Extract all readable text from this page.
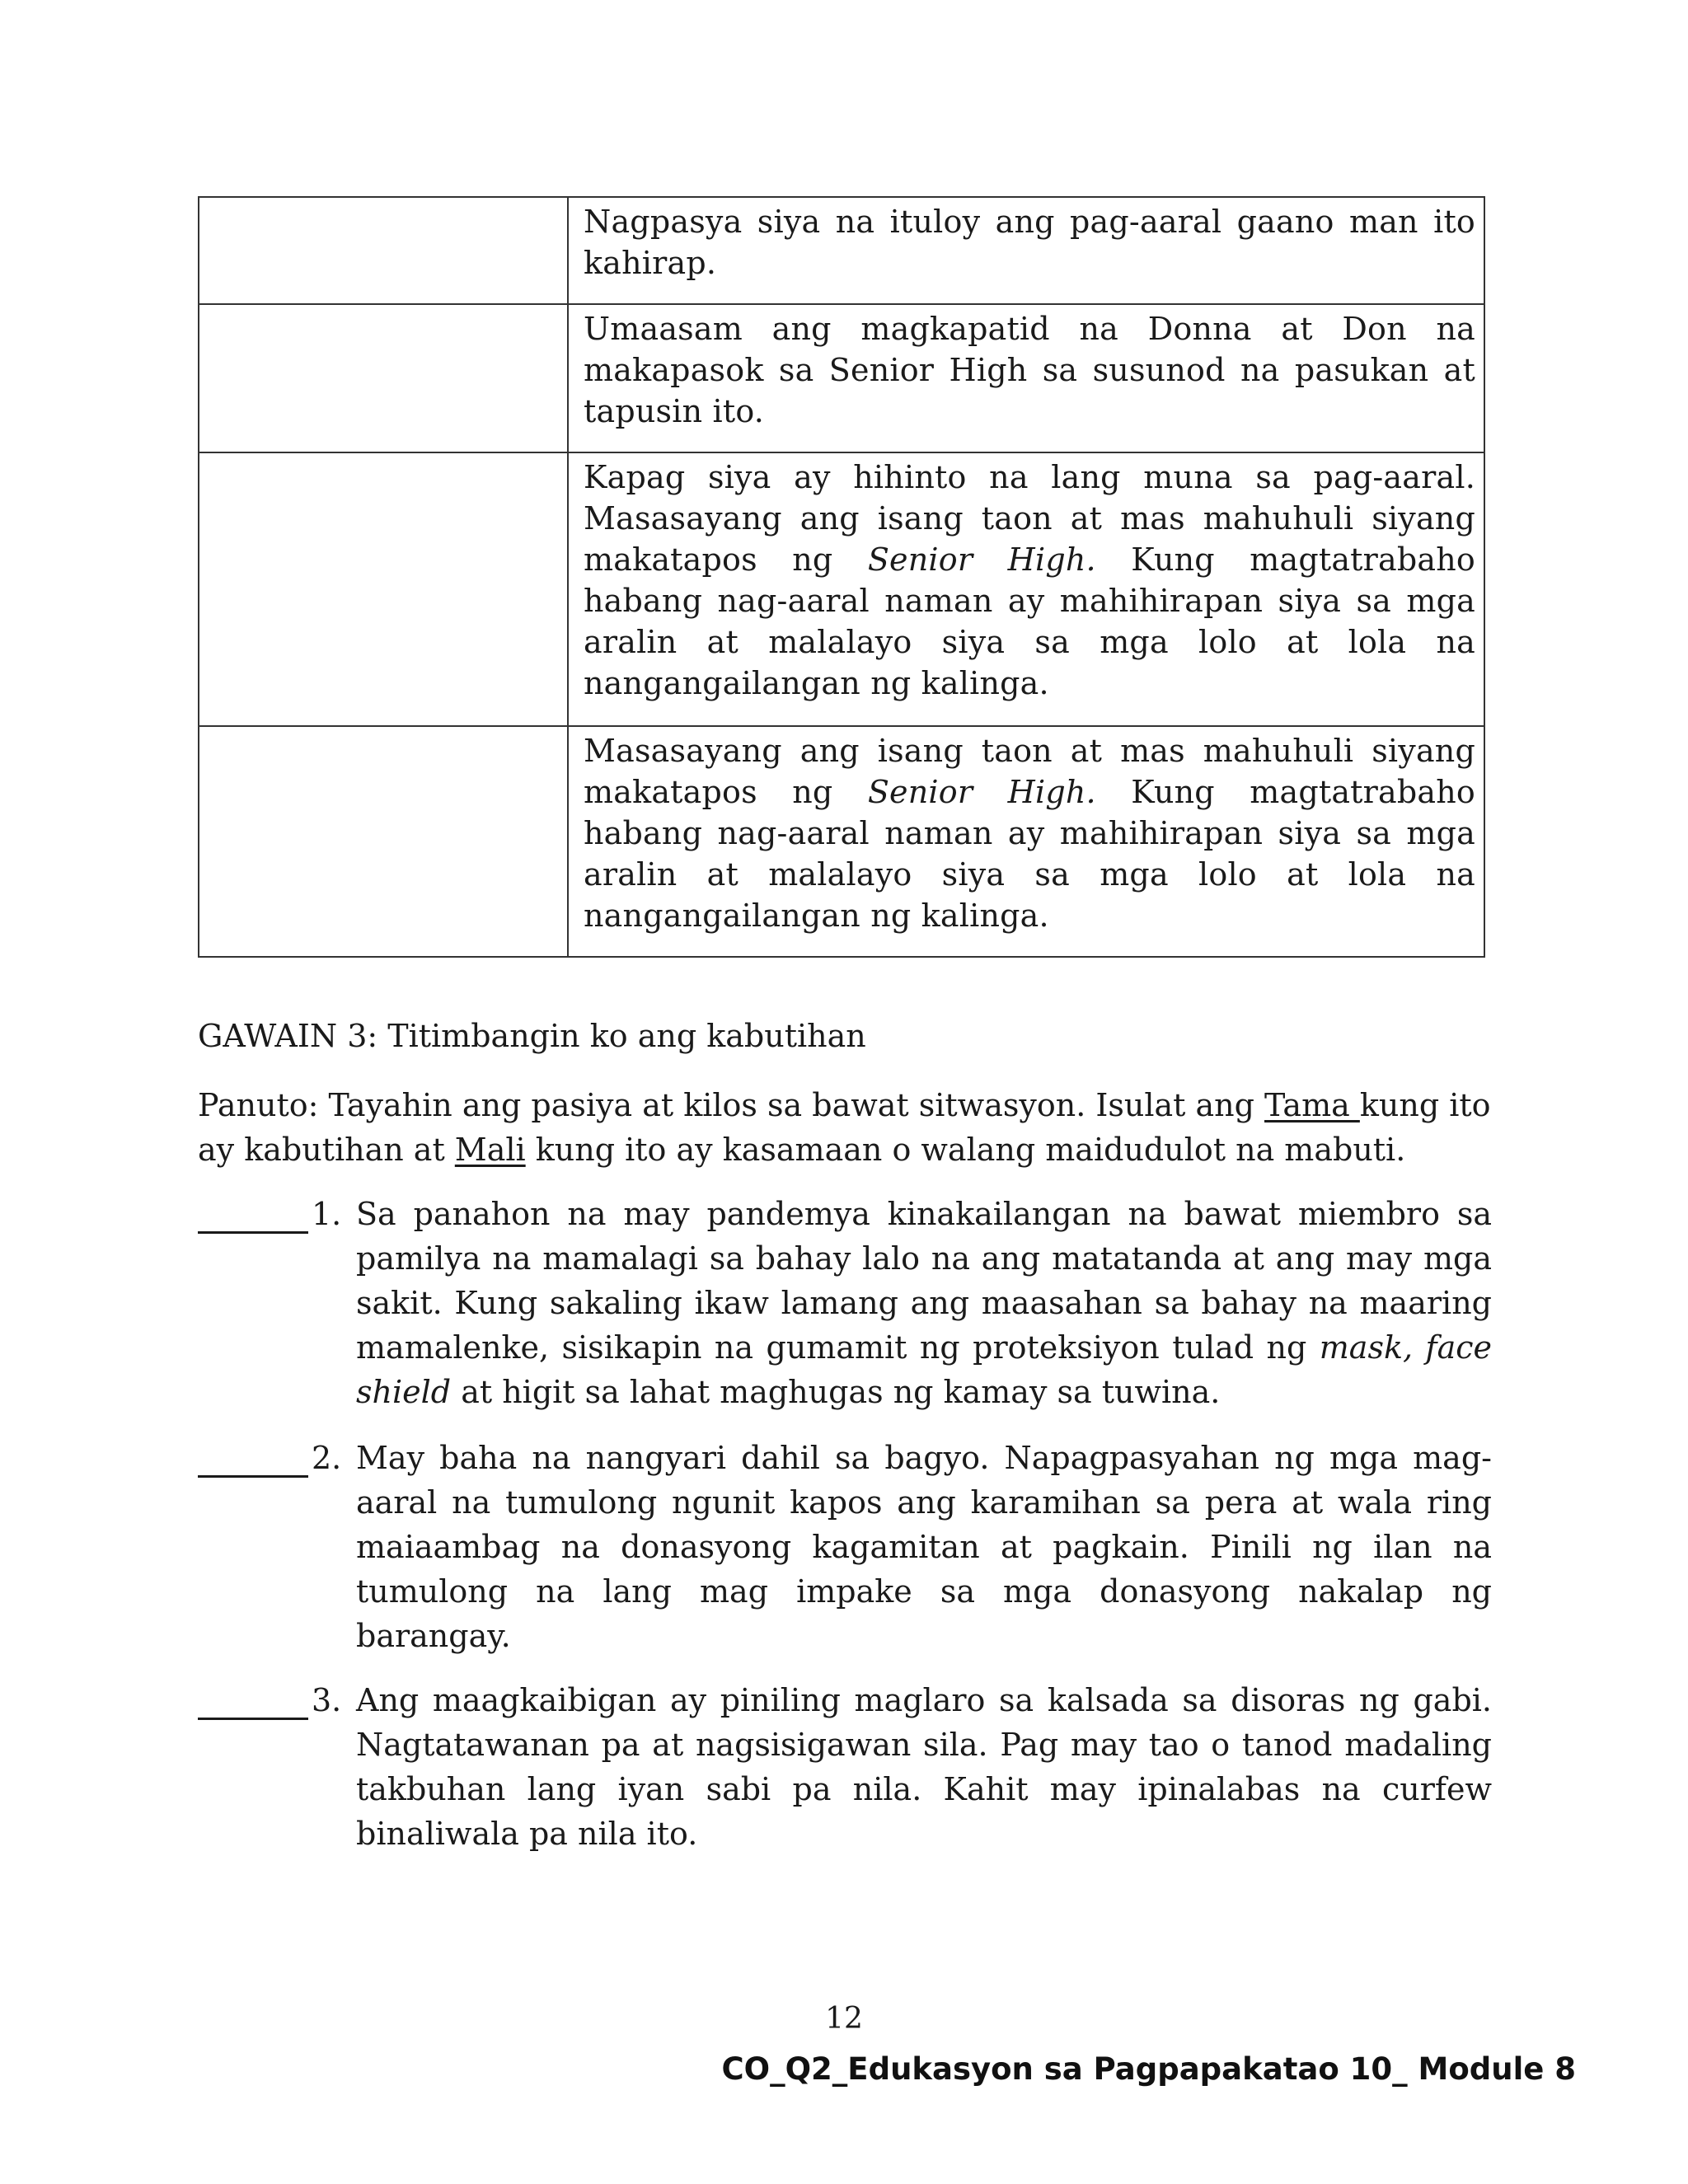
	Nagpasya siya na ituloy ang pag-aaral gaano man ito kahirap.

	Umaasam ang magkapatid na Donna at Don na makapasok sa Senior High sa susunod na pasukan at tapusin ito.

	Kapag siya ay hihinto na lang muna sa pag-aaral. Masasayang ang isang taon at mas mahuhuli siyang makatapos ng Senior High. Kung magtatrabaho habang nag-aaral naman ay mahihirapan siya sa mga aralin at malalayo siya sa mga lolo at lola na nangangailangan ng kalinga.

	Masasayang ang isang taon at mas mahuhuli siyang makatapos ng Senior High. Kung magtatrabaho habang nag-aaral naman ay mahihirapan siya sa mga aralin at malalayo siya sa mga lolo at lola na nangangailangan ng kalinga.
GAWAIN 3: Titimbangin ko ang kabutihan
Panuto: Tayahin ang pasiya at kilos sa bawat sitwasyon. Isulat ang Tama kung ito ay kabutihan at Mali kung ito ay kasamaan o walang maidudulot na mabuti.
1. Sa panahon na may pandemya kinakailangan na bawat miembro sa pamilya na mamalagi sa bahay lalo na ang matatanda at ang may mga sakit. Kung sakaling ikaw lamang ang maasahan sa bahay na maaring mamalenke, sisikapin na gumamit ng proteksiyon tulad ng mask, face shield at higit sa lahat maghugas ng kamay sa tuwina.
2. May baha na nangyari dahil sa bagyo. Napagpasyahan ng mga mag-aaral na tumulong ngunit kapos ang karamihan sa pera at wala ring maiaambag na donasyong kagamitan at pagkain. Pinili ng ilan na tumulong na lang mag impake sa mga donasyong nakalap ng barangay.
3. Ang maagkaibigan ay piniling maglaro sa kalsada sa disoras ng gabi. Nagtatawanan pa at nagsisigawan sila. Pag may tao o tanod madaling takbuhan lang iyan sabi pa nila. Kahit may ipinalabas na curfew binaliwala pa nila ito.
12
CO_Q2_Edukasyon sa Pagpapakatao 10_ Module 8
